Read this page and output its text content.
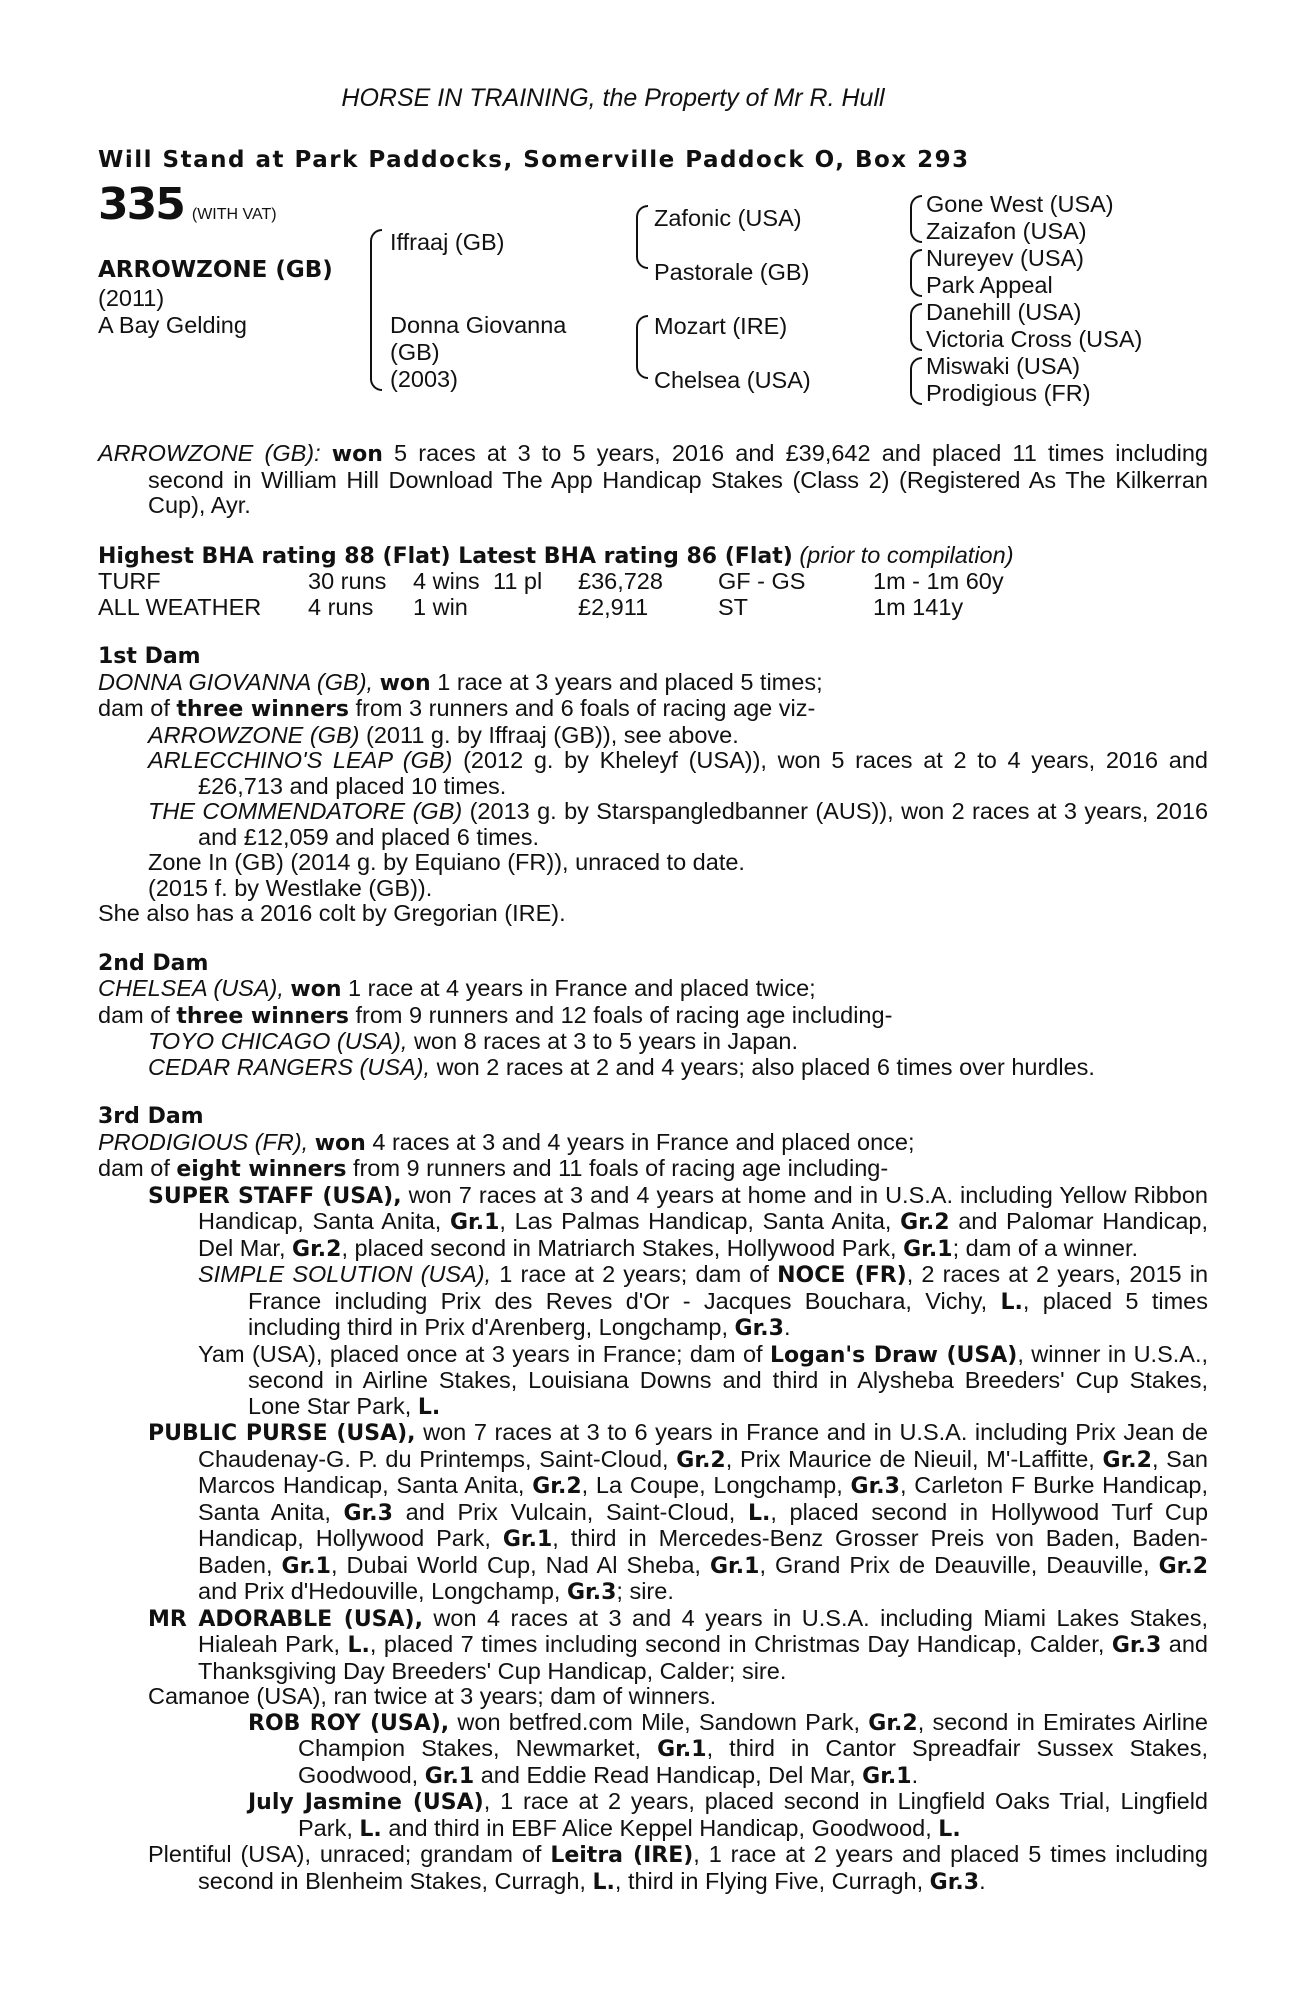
HORSE IN TRAINING, the Property of Mr R. Hull
Will Stand at Park Paddocks, Somerville Paddock O, Box 293
335 (WITH VAT)
ARROWZONE (GB)
(2011)
A Bay Gelding
Iffraaj (GB)
Donna Giovanna
(GB)
(2003)
Zafonic (USA)
Pastorale (GB)
Mozart (IRE)
Chelsea (USA)
Gone West (USA)
Zaizafon (USA)
Nureyev (USA)
Park Appeal
Danehill (USA)
Victoria Cross (USA)
Miswaki (USA)
Prodigious (FR)

ARROWZONE (GB): won 5 races at 3 to 5 years, 2016 and £39,642 and placed 11 times including second in William Hill Download The App Handicap Stakes (Class 2) (Registered As The Kilkerran Cup), Ayr.

Highest BHA rating 88 (Flat) Latest BHA rating 86 (Flat) (prior to compilation)

TURF	30 runs	4 wins 11 pl	£36,728	GF - GS	1m - 1m 60y
ALL WEATHER	4 runs	1 win	£2,911	ST	1m 141y

1st Dam

DONNA GIOVANNA (GB), won 1 race at 3 years and placed 5 times;

dam of three winners from 3 runners and 6 foals of racing age viz-

ARROWZONE (GB) (2011 g. by Iffraaj (GB)), see above.

ARLECCHINO'S LEAP (GB) (2012 g. by Kheleyf (USA)), won 5 races at 2 to 4 years, 2016 and £26,713 and placed 10 times.

THE COMMENDATORE (GB) (2013 g. by Starspangledbanner (AUS)), won 2 races at 3 years, 2016 and £12,059 and placed 6 times.

Zone In (GB) (2014 g. by Equiano (FR)), unraced to date.

(2015 f. by Westlake (GB)).

She also has a 2016 colt by Gregorian (IRE).

2nd Dam

CHELSEA (USA), won 1 race at 4 years in France and placed twice;

dam of three winners from 9 runners and 12 foals of racing age including-

TOYO CHICAGO (USA), won 8 races at 3 to 5 years in Japan.

CEDAR RANGERS (USA), won 2 races at 2 and 4 years; also placed 6 times over hurdles.

3rd Dam

PRODIGIOUS (FR), won 4 races at 3 and 4 years in France and placed once;

dam of eight winners from 9 runners and 11 foals of racing age including-

SUPER STAFF (USA), won 7 races at 3 and 4 years at home and in U.S.A. including Yellow Ribbon Handicap, Santa Anita, Gr.1, Las Palmas Handicap, Santa Anita, Gr.2 and Palomar Handicap, Del Mar, Gr.2, placed second in Matriarch Stakes, Hollywood Park, Gr.1; dam of a winner.

SIMPLE SOLUTION (USA), 1 race at 2 years; dam of NOCE (FR), 2 races at 2 years, 2015 in France including Prix des Reves d'Or - Jacques Bouchara, Vichy, L., placed 5 times including third in Prix d'Arenberg, Longchamp, Gr.3.

Yam (USA), placed once at 3 years in France; dam of Logan's Draw (USA), winner in U.S.A., second in Airline Stakes, Louisiana Downs and third in Alysheba Breeders' Cup Stakes, Lone Star Park, L.

PUBLIC PURSE (USA), won 7 races at 3 to 6 years in France and in U.S.A. including Prix Jean de Chaudenay-G. P. du Printemps, Saint-Cloud, Gr.2, Prix Maurice de Nieuil, M'-Laffitte, Gr.2, San Marcos Handicap, Santa Anita, Gr.2, La Coupe, Longchamp, Gr.3, Carleton F Burke Handicap, Santa Anita, Gr.3 and Prix Vulcain, Saint-Cloud, L., placed second in Hollywood Turf Cup Handicap, Hollywood Park, Gr.1, third in Mercedes-Benz Grosser Preis von Baden, Baden-Baden, Gr.1, Dubai World Cup, Nad Al Sheba, Gr.1, Grand Prix de Deauville, Deauville, Gr.2 and Prix d'Hedouville, Longchamp, Gr.3; sire.

MR ADORABLE (USA), won 4 races at 3 and 4 years in U.S.A. including Miami Lakes Stakes, Hialeah Park, L., placed 7 times including second in Christmas Day Handicap, Calder, Gr.3 and Thanksgiving Day Breeders' Cup Handicap, Calder; sire.

Camanoe (USA), ran twice at 3 years; dam of winners.

ROB ROY (USA), won betfred.com Mile, Sandown Park, Gr.2, second in Emirates Airline Champion Stakes, Newmarket, Gr.1, third in Cantor Spreadfair Sussex Stakes, Goodwood, Gr.1 and Eddie Read Handicap, Del Mar, Gr.1.

July Jasmine (USA), 1 race at 2 years, placed second in Lingfield Oaks Trial, Lingfield Park, L. and third in EBF Alice Keppel Handicap, Goodwood, L.

Plentiful (USA), unraced; grandam of Leitra (IRE), 1 race at 2 years and placed 5 times including second in Blenheim Stakes, Curragh, L., third in Flying Five, Curragh, Gr.3.
